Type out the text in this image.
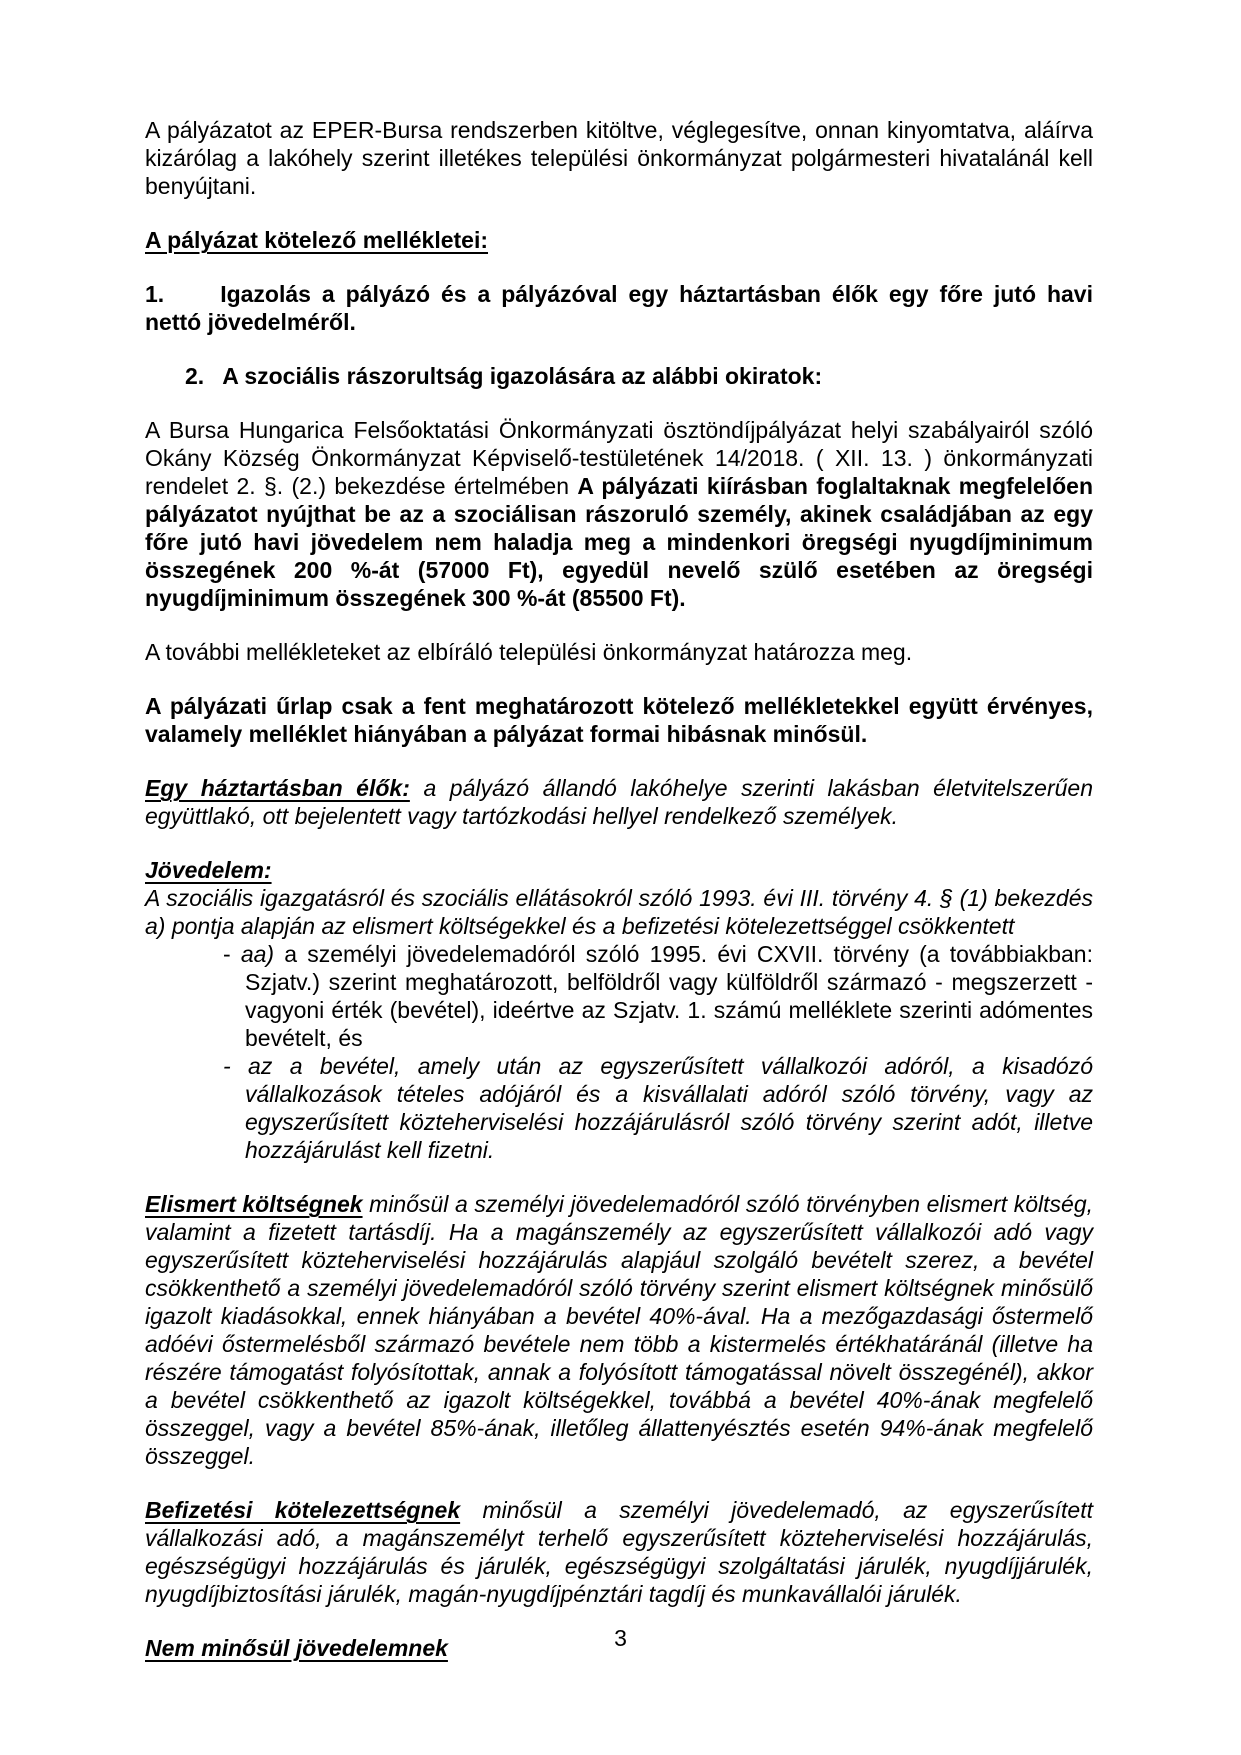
A pályázatot az EPER-Bursa rendszerben kitöltve, véglegesítve, onnan kinyomtatva, aláírva kizárólag a lakóhely szerint illetékes települési önkormányzat polgármesteri hivatalánál kell benyújtani.

A pályázat kötelező mellékletei:

1. Igazolás a pályázó és a pályázóval egy háztartásban élők egy főre jutó havi nettó jövedelméről.

2. A szociális rászorultság igazolására az alábbi okiratok:

A Bursa Hungarica Felsőoktatási Önkormányzati ösztöndíjpályázat helyi szabályairól szóló Okány Község Önkormányzat Képviselő-testületének 14/2018. ( XII. 13. ) önkormányzati rendelet 2. §. (2.) bekezdése értelmében A pályázati kiírásban foglaltaknak megfelelően pályázatot nyújthat be az a szociálisan rászoruló személy, akinek családjában az egy főre jutó havi jövedelem nem haladja meg a mindenkori öregségi nyugdíjminimum összegének 200 %-át (57000 Ft), egyedül nevelő szülő esetében az öregségi nyugdíjminimum összegének 300 %-át (85500 Ft).

A további mellékleteket az elbíráló települési önkormányzat határozza meg.

A pályázati űrlap csak a fent meghatározott kötelező mellékletekkel együtt érvényes, valamely melléklet hiányában a pályázat formai hibásnak minősül.

Egy háztartásban élők: a pályázó állandó lakóhelye szerinti lakásban életvitelszerűen együttlakó, ott bejelentett vagy tartózkodási hellyel rendelkező személyek.

Jövedelem:

A szociális igazgatásról és szociális ellátásokról szóló 1993. évi III. törvény 4. § (1) bekezdés a) pontja alapján az elismert költségekkel és a befizetési kötelezettséggel csökkentett

- aa) a személyi jövedelemadóról szóló 1995. évi CXVII. törvény (a továbbiakban: Szjatv.) szerint meghatározott, belföldről vagy külföldről származó - megszerzett - vagyoni érték (bevétel), ideértve az Szjatv. 1. számú melléklete szerinti adómentes bevételt, és

- az a bevétel, amely után az egyszerűsített vállalkozói adóról, a kisadózó vállalkozások tételes adójáról és a kisvállalati adóról szóló törvény, vagy az egyszerűsített közteherviselési hozzájárulásról szóló törvény szerint adót, illetve hozzájárulást kell fizetni.

Elismert költségnek minősül a személyi jövedelemadóról szóló törvényben elismert költség, valamint a fizetett tartásdíj. Ha a magánszemély az egyszerűsített vállalkozói adó vagy egyszerűsített közteherviselési hozzájárulás alapjául szolgáló bevételt szerez, a bevétel csökkenthető a személyi jövedelemadóról szóló törvény szerint elismert költségnek minősülő igazolt kiadásokkal, ennek hiányában a bevétel 40%-ával. Ha a mezőgazdasági őstermelő adóévi őstermelésből származó bevétele nem több a kistermelés értékhatáránál (illetve ha részére támogatást folyósítottak, annak a folyósított támogatással növelt összegénél), akkor a bevétel csökkenthető az igazolt költségekkel, továbbá a bevétel 40%-ának megfelelő összeggel, vagy a bevétel 85%-ának, illetőleg állattenyésztés esetén 94%-ának megfelelő összeggel.

Befizetési kötelezettségnek minősül a személyi jövedelemadó, az egyszerűsített vállalkozási adó, a magánszemélyt terhelő egyszerűsített közteherviselési hozzájárulás, egészségügyi hozzájárulás és járulék, egészségügyi szolgáltatási járulék, nyugdíjjárulék, nyugdíjbiztosítási járulék, magán-nyugdíjpénztári tagdíj és munkavállalói járulék.

Nem minősül jövedelemnek	3
